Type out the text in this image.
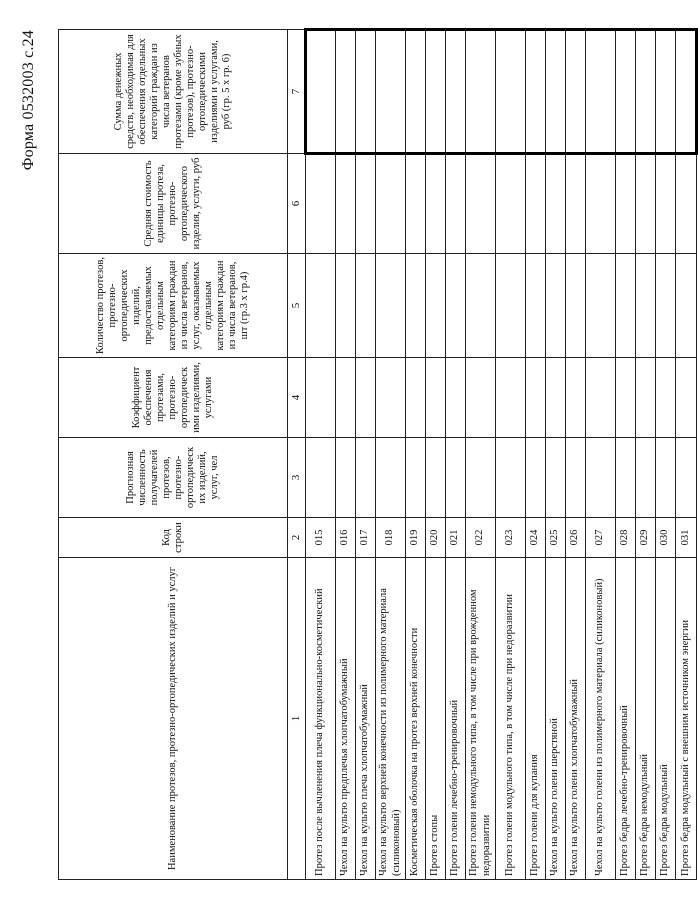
Форма 0532003 с.24
Наименование протезов, протезно-ортопедических изделий и услуг	Код строки	Прогнозная численность получателей протезов, протезно-ортопедическ их изделий, услуг, чел	Коэффициент обеспечения протезами, протезно-ортопедическ ими изделиями, услугами	Количество протезов, протезно-ортопедических изделий, предоставляемых отдельным категориям граждан из числа ветеранов, услуг, оказываемых отдельным категориям граждан из числа ветеранов, шт (гр.3 х гр.4)	Средняя стоимость единицы протеза, протезно-ортопедического изделия, услуги, руб	Сумма денежных средств, необходимая для обеспечения отдельных категорий граждан из числа ветеранов протезами (кроме зубных протезов), протезно-ортопедическими изделиями и услугами, руб (гр. 5 х гр. 6)
1	2	3	4	5	6	7
Протез после вычленения плеча функционально-косметический	015					
Чехол на культю предплечья хлопчатобумажный	016					
Чехол на культю плеча хлопчатобумажный	017					
Чехол на культю верхней конечности из полимерного материала (силиконовый)	018					
Косметическая оболочка на протез верхней конечности	019					
Протез стопы	020					
Протез голени лечебно-тренировочный	021					
Протез голени немодульного типа, в том числе при врожденном недоразвитии	022					
Протез голени модульного типа, в том числе при недоразвитии	023					
Протез голени для купания	024					
Чехол на культю голени шерстяной	025					
Чехол на культю голени хлопчатобумажный	026					
Чехол на культю голени из полимерного материала (силиконовый)	027					
Протез бедра лечебно-тренировочный	028					
Протез бедра немодульный	029					
Протез бедра модульный	030					
Протез бедра модульный с внешним источником энергии	031					
